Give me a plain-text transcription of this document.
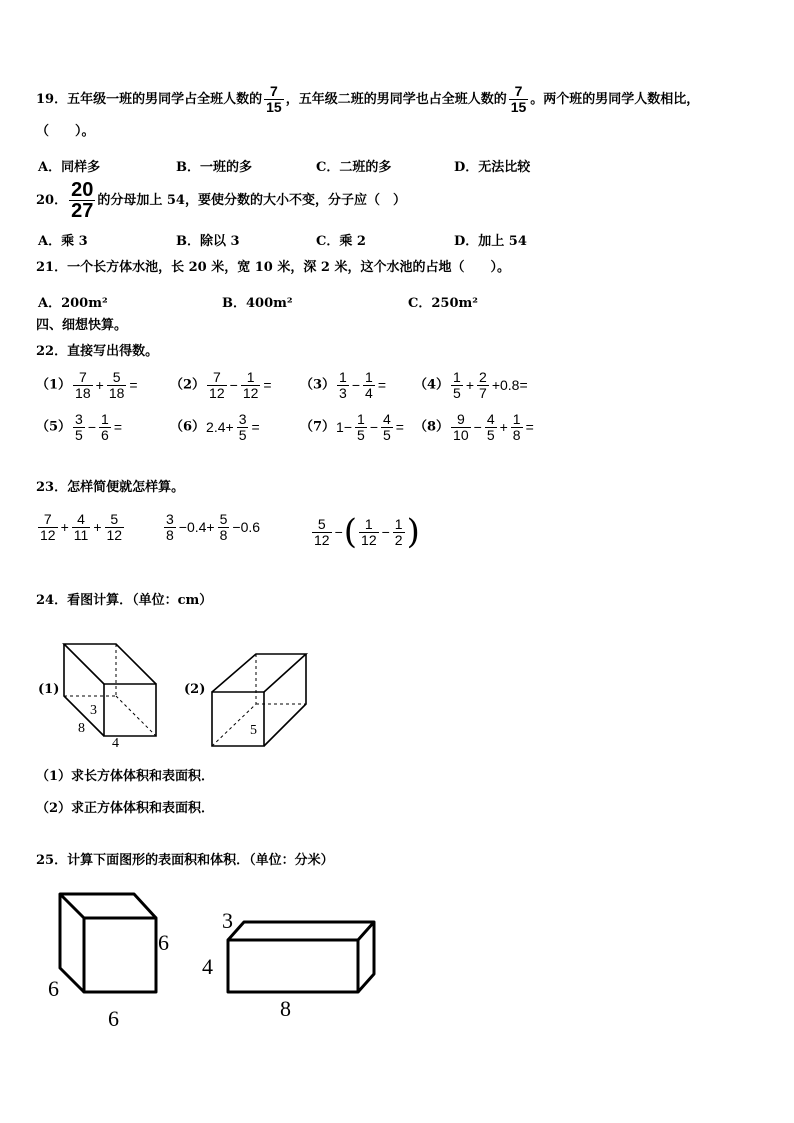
19．五年级一班的男同学占全班人数的 $\frac{7}{15}$ ，五年级二班的男同学也占全班人数的 $\frac{7}{15}$ 。两个班的男同学人数相比，
（　　）。
A．同样多	B．一班的多	C．二班的多	D．无法比较
20． $\frac{20}{27}$ 的分母加上 54，要使分数的大小不变，分子应（　）
A．乘 3	B．除以 3	C．乘 2	D．加上 54
21．一个长方体水池，长 20 米，宽 10 米，深 2 米，这个水池的占地（　　）。
A．200m²	B．400m²	C．250m²
四、细想快算。
22．直接写出得数。
$(1) \frac{7}{18} + \frac{5}{18} = (2) \frac{7}{12} - \frac{1}{12} = (3) \frac{1}{3} - \frac{1}{4} = (4) \frac{1}{5} + \frac{2}{7} +0.8=$
$(5) \frac{3}{5} - \frac{1}{6}$ =	$(6)2.4+ \frac{3}{5}$ =	$(7)1- \frac{1}{5} - \frac{4}{5} = (8) \frac{9}{10} - \frac{4}{5} + \frac{1}{8}$ =
23．怎样简便就怎样算。
$\frac{7}{12} + \frac{4}{11} + \frac{5}{12}$	$\frac{3}{8} -0.4+ \frac{5}{8} -0.6$	$\frac{5}{12}$ −( $\frac{1}{12} - \frac{1}{2}$ )
24．看图计算．（单位：cm）
(1)
3
8
4
(2)
5
（1）求长方体体积和表面积．
（2）求正方体体积和表面积．
25．计算下面图形的表面积和体积．（单位：分米）
6
6
6
3
4
8
